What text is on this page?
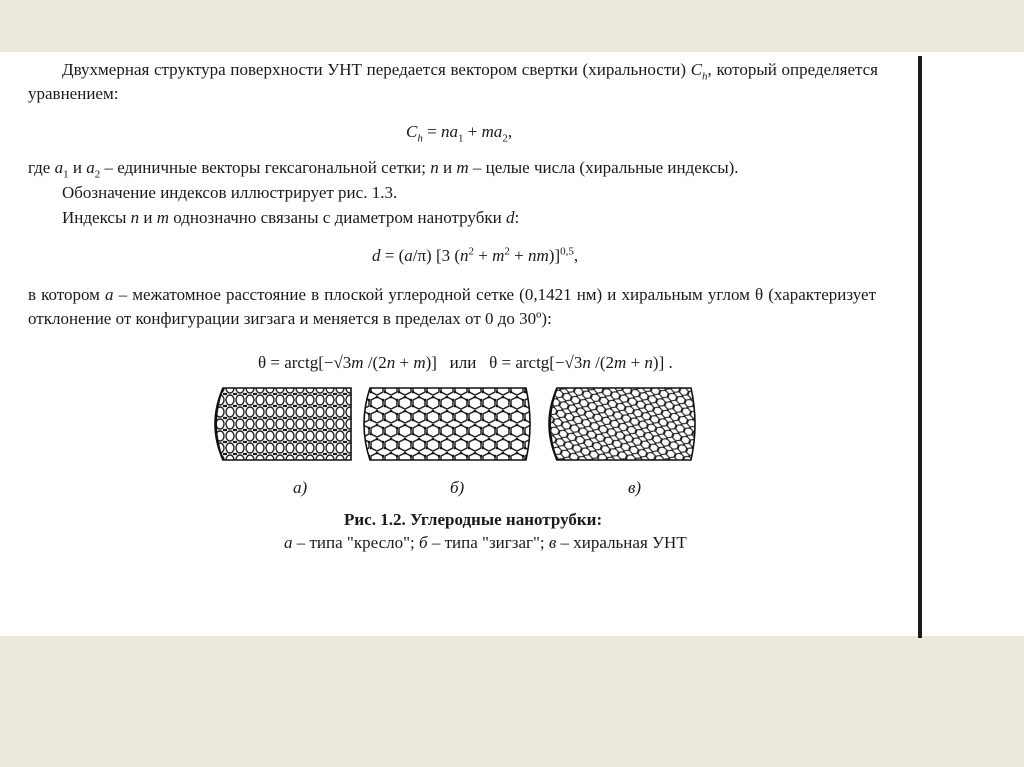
Двухмерная структура поверхности УНТ передается вектором свертки (хиральности) $C_h$, который определяется
уравнением:
$C_h = na_1 + ma_2$,
где $a_1$ и $a_2$ – единичные векторы гексагональной сетки; n и m – целые числа (хиральные индексы).
Обозначение индексов иллюстрирует рис. 1.3.
Индексы n и m однозначно связаны с диаметром нанотрубки d:
d = (a/π) [3 $(n^2 + m^2 + nm)]^{0,5}$,
в котором a – межатомное расстояние в плоской углеродной сетке (0,1421 нм) и хиральным углом θ (характеризует
отклонение от конфигурации зигзага и меняется в пределах от 0 до 30º):
θ = arctg[−√3m /(2n + m)]   или   θ = arctg[−√3n /(2m + n)] .
а)	б)	в)
Рис. 1.2. Углеродные нанотрубки:
а – типа "кресло"; б – типа "зигзаг"; в – хиральная УНТ
